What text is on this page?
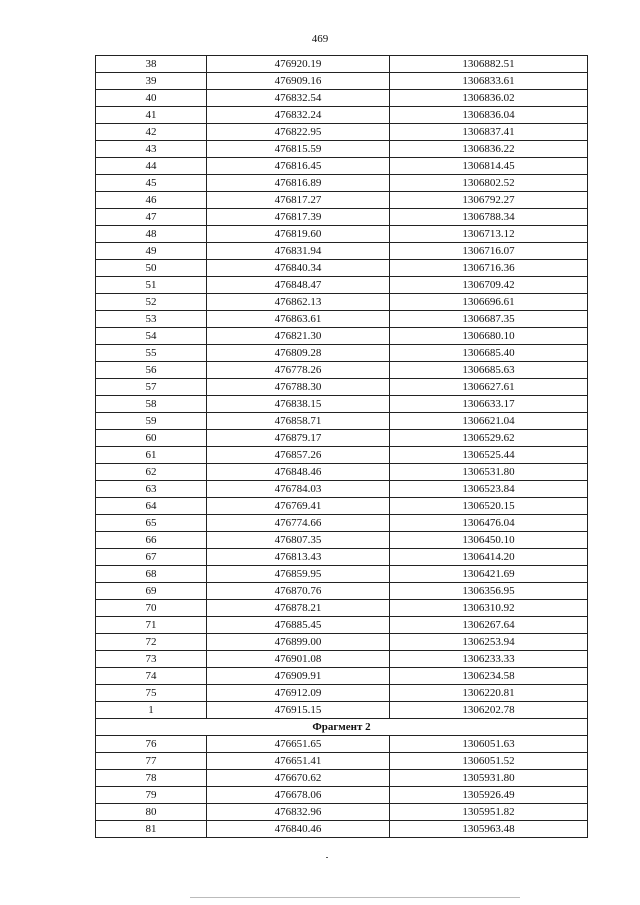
469
38	476920.19	1306882.51
39	476909.16	1306833.61
40	476832.54	1306836.02
41	476832.24	1306836.04
42	476822.95	1306837.41
43	476815.59	1306836.22
44	476816.45	1306814.45
45	476816.89	1306802.52
46	476817.27	1306792.27
47	476817.39	1306788.34
48	476819.60	1306713.12
49	476831.94	1306716.07
50	476840.34	1306716.36
51	476848.47	1306709.42
52	476862.13	1306696.61
53	476863.61	1306687.35
54	476821.30	1306680.10
55	476809.28	1306685.40
56	476778.26	1306685.63
57	476788.30	1306627.61
58	476838.15	1306633.17
59	476858.71	1306621.04
60	476879.17	1306529.62
61	476857.26	1306525.44
62	476848.46	1306531.80
63	476784.03	1306523.84
64	476769.41	1306520.15
65	476774.66	1306476.04
66	476807.35	1306450.10
67	476813.43	1306414.20
68	476859.95	1306421.69
69	476870.76	1306356.95
70	476878.21	1306310.92
71	476885.45	1306267.64
72	476899.00	1306253.94
73	476901.08	1306233.33
74	476909.91	1306234.58
75	476912.09	1306220.81
1	476915.15	1306202.78
Фрагмент 2		
76	476651.65	1306051.63
77	476651.41	1306051.52
78	476670.62	1305931.80
79	476678.06	1305926.49
80	476832.96	1305951.82
81	476840.46	1305963.48
